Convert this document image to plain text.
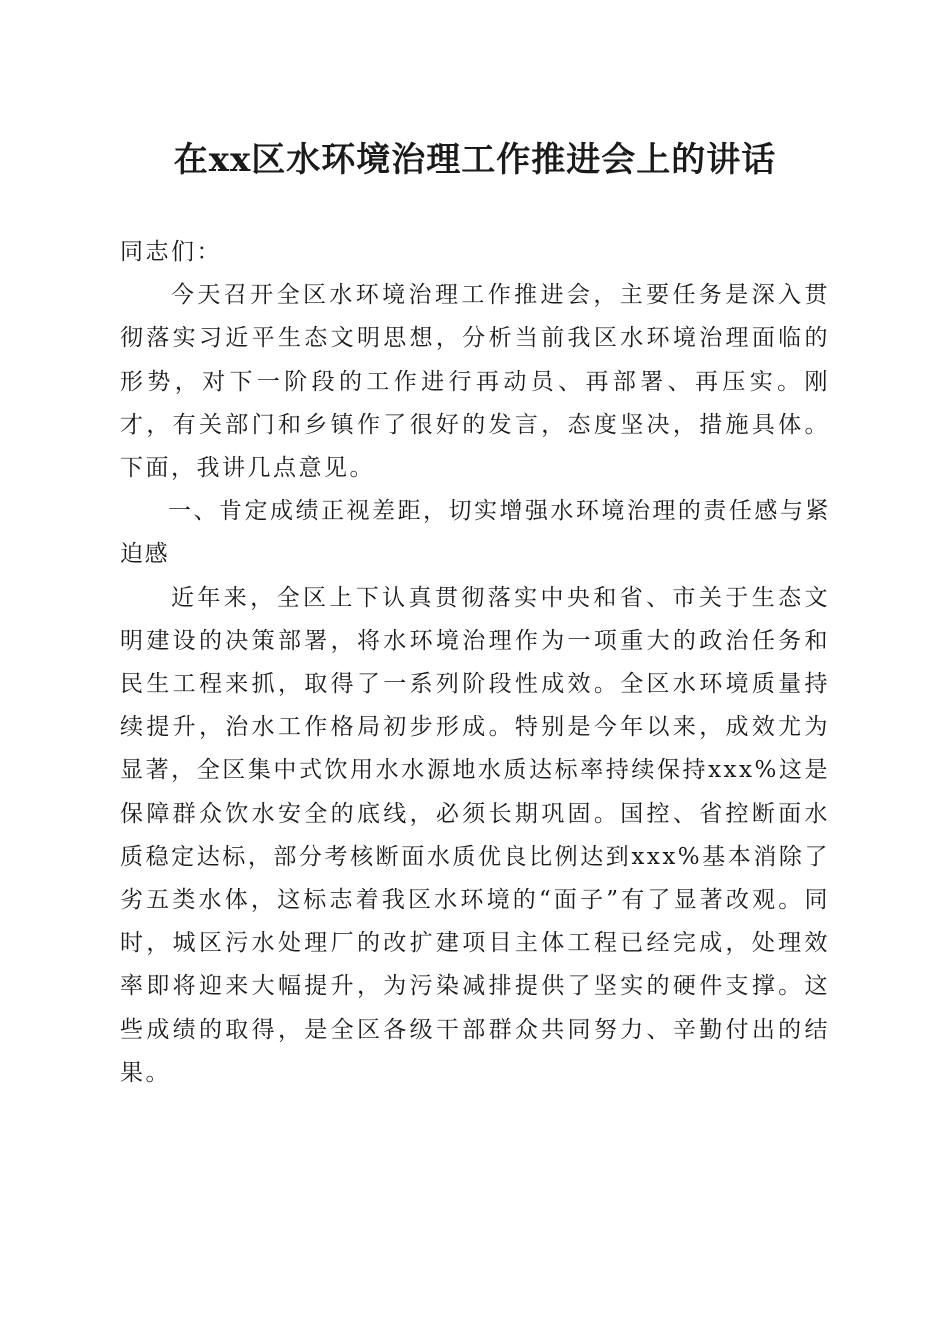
在xx区水环境治理工作推进会上的讲话

同志们：

今天召开全区水环境治理工作推进会，主要任务是深入贯彻落实习近平生态文明思想，分析当前我区水环境治理面临的形势，对下一阶段的工作进行再动员、再部署、再压实。刚才，有关部门和乡镇作了很好的发言，态度坚决，措施具体。下面，我讲几点意见。

一、肯定成绩正视差距，切实增强水环境治理的责任感与紧迫感

近年来，全区上下认真贯彻落实中央和省、市关于生态文明建设的决策部署，将水环境治理作为一项重大的政治任务和民生工程来抓，取得了一系列阶段性成效。全区水环境质量持续提升，治水工作格局初步形成。特别是今年以来，成效尤为显著，全区集中式饮用水水源地水质达标率持续保持xxx%这是保障群众饮水安全的底线，必须长期巩固。国控、省控断面水质稳定达标，部分考核断面水质优良比例达到xxx%基本消除了劣五类水体，这标志着我区水环境的“面子”有了显著改观。同时，城区污水处理厂的改扩建项目主体工程已经完成，处理效率即将迎来大幅提升，为污染减排提供了坚实的硬件支撑。这些成绩的取得，是全区各级干部群众共同努力、辛勤付出的结果。
